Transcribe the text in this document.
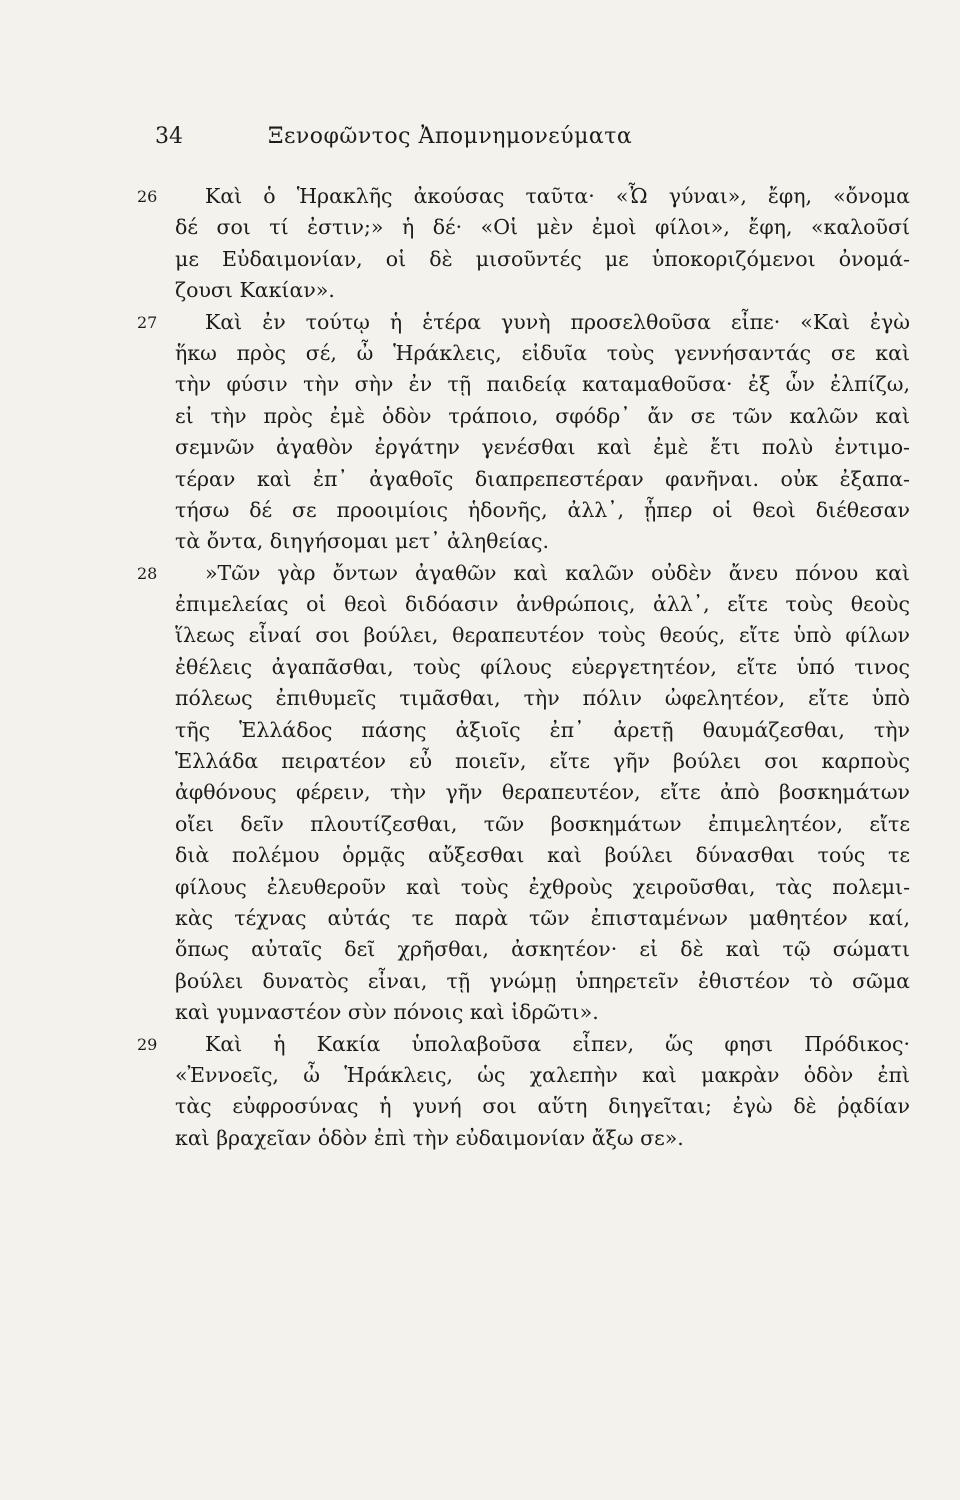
34	Ξενοφῶντος Ἀπομνημονεύματα
26 Καὶ ὁ Ἡρακλῆς ἀκούσας ταῦτα· «Ὦ γύναι», ἔφη, «ὄνομα
δέ σοι τί ἐστιν;» ἡ δέ· «Οἱ μὲν ἐμοὶ φίλοι», ἔφη, «καλοῦσί
με Εὐδαιμονίαν, οἱ δὲ μισοῦντές με ὑποκοριζόμενοι ὀνομά-
ζουσι Κακίαν».
27 Καὶ ἐν τούτῳ ἡ ἑτέρα γυνὴ προσελθοῦσα εἶπε· «Καὶ ἐγὼ
ἥκω πρὸς σέ, ὦ Ἡράκλεις, εἰδυῖα τοὺς γεννήσαντάς σε καὶ
τὴν φύσιν τὴν σὴν ἐν τῇ παιδείᾳ καταμαθοῦσα· ἐξ ὧν ἐλπίζω,
εἰ τὴν πρὸς ἐμὲ ὁδὸν τράποιο, σφόδρ᾽ ἄν σε τῶν καλῶν καὶ
σεμνῶν ἀγαθὸν ἐργάτην γενέσθαι καὶ ἐμὲ ἔτι πολὺ ἐντιμο-
τέραν καὶ ἐπ᾽ ἀγαθοῖς διαπρεπεστέραν φανῆναι. οὐκ ἐξαπα-
τήσω δέ σε προοιμίοις ἡδονῆς, ἀλλ᾽, ᾗπερ οἱ θεοὶ διέθεσαν
τὰ ὄντα, διηγήσομαι μετ᾽ ἀληθείας.
28 »Τῶν γὰρ ὄντων ἀγαθῶν καὶ καλῶν οὐδὲν ἄνευ πόνου καὶ
ἐπιμελείας οἱ θεοὶ διδόασιν ἀνθρώποις, ἀλλ᾽, εἴτε τοὺς θεοὺς
ἵλεως εἶναί σοι βούλει, θεραπευτέον τοὺς θεούς, εἴτε ὑπὸ φίλων
ἐθέλεις ἀγαπᾶσθαι, τοὺς φίλους εὐεργετητέον, εἴτε ὑπό τινος
πόλεως ἐπιθυμεῖς τιμᾶσθαι, τὴν πόλιν ὠφελητέον, εἴτε ὑπὸ
τῆς Ἑλλάδος πάσης ἀξιοῖς ἐπ᾽ ἀρετῇ θαυμάζεσθαι, τὴν
Ἑλλάδα πειρατέον εὖ ποιεῖν, εἴτε γῆν βούλει σοι καρποὺς
ἀφθόνους φέρειν, τὴν γῆν θεραπευτέον, εἴτε ἀπὸ βοσκημάτων
οἴει δεῖν πλουτίζεσθαι, τῶν βοσκημάτων ἐπιμελητέον, εἴτε
διὰ πολέμου ὁρμᾷς αὔξεσθαι καὶ βούλει δύνασθαι τούς τε
φίλους ἐλευθεροῦν καὶ τοὺς ἐχθροὺς χειροῦσθαι, τὰς πολεμι-
κὰς τέχνας αὐτάς τε παρὰ τῶν ἐπισταμένων μαθητέον καί,
ὅπως αὐταῖς δεῖ χρῆσθαι, ἀσκητέον· εἰ δὲ καὶ τῷ σώματι
βούλει δυνατὸς εἶναι, τῇ γνώμῃ ὑπηρετεῖν ἐθιστέον τὸ σῶμα
καὶ γυμναστέον σὺν πόνοις καὶ ἱδρῶτι».
29 Καὶ ἡ Κακία ὑπολαβοῦσα εἶπεν, ὥς φησι Πρόδικος·
«Ἐννοεῖς, ὦ Ἡράκλεις, ὡς χαλεπὴν καὶ μακρὰν ὁδὸν ἐπὶ
τὰς εὐφροσύνας ἡ γυνή σοι αὕτη διηγεῖται; ἐγὼ δὲ ῥᾳδίαν
καὶ βραχεῖαν ὁδὸν ἐπὶ τὴν εὐδαιμονίαν ἄξω σε».
